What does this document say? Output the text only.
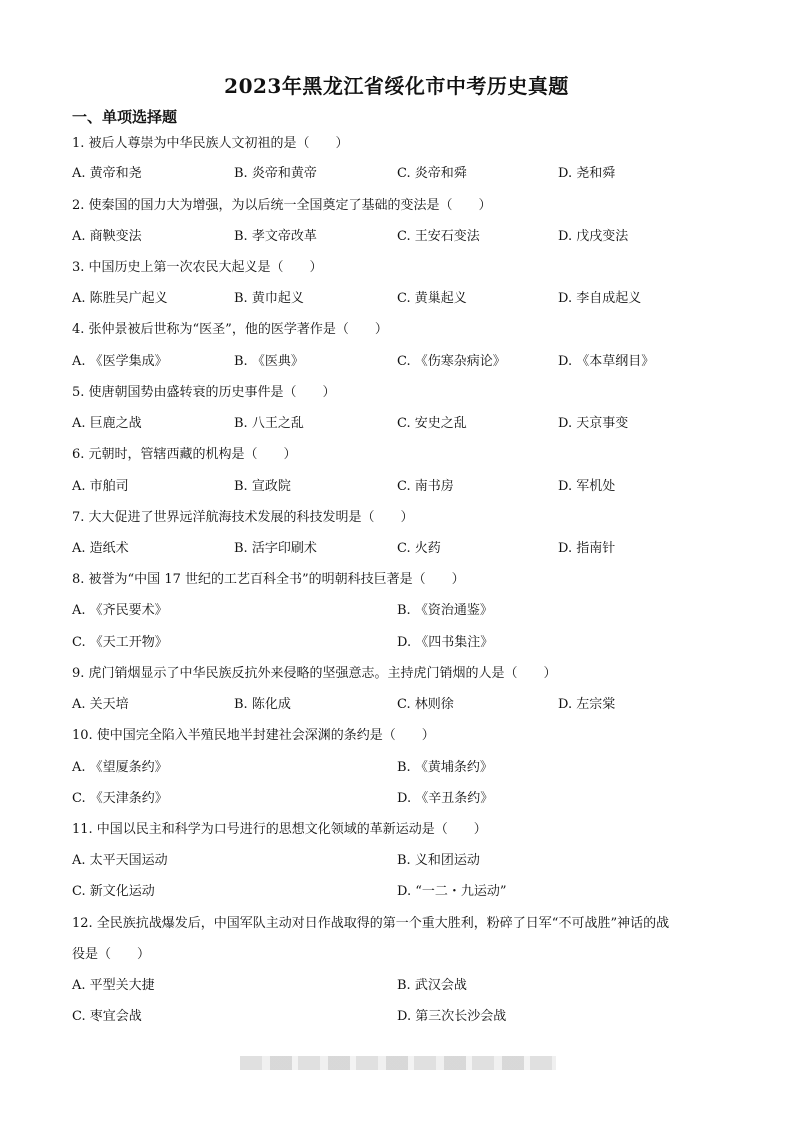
2023年黑龙江省绥化市中考历史真题
一、单项选择题
1. 被后人尊崇为中华民族人文初祖的是（　　）
A. 黄帝和尧	B. 炎帝和黄帝	C. 炎帝和舜	D. 尧和舜
2. 使秦国的国力大为增强，为以后统一全国奠定了基础的变法是（　　）
A. 商鞅变法	B. 孝文帝改革	C. 王安石变法	D. 戊戌变法
3. 中国历史上第一次农民大起义是（　　）
A. 陈胜吴广起义	B. 黄巾起义	C. 黄巢起义	D. 李自成起义
4. 张仲景被后世称为“医圣”，他的医学著作是（　　）
A. 《医学集成》	B. 《医典》	C. 《伤寒杂病论》	D. 《本草纲目》
5. 使唐朝国势由盛转衰的历史事件是（　　）
A. 巨鹿之战	B. 八王之乱	C. 安史之乱	D. 天京事变
6. 元朝时，管辖西藏的机构是（　　）
A. 市舶司	B. 宣政院	C. 南书房	D. 军机处
7. 大大促进了世界远洋航海技术发展的科技发明是（　　）
A. 造纸术	B. 活字印刷术	C. 火药	D. 指南针
8. 被誉为“中国 17 世纪的工艺百科全书”的明朝科技巨著是（　　）
A. 《齐民要术》	B. 《资治通鉴》
C. 《天工开物》	D. 《四书集注》
9. 虎门销烟显示了中华民族反抗外来侵略的坚强意志。主持虎门销烟的人是（　　）
A. 关天培	B. 陈化成	C. 林则徐	D. 左宗棠
10. 使中国完全陷入半殖民地半封建社会深渊的条约是（　　）
A. 《望厦条约》	B. 《黄埔条约》
C. 《天津条约》	D. 《辛丑条约》
11. 中国以民主和科学为口号进行的思想文化领域的革新运动是（　　）
A. 太平天国运动	B. 义和团运动
C. 新文化运动	D. “一二・九运动”
12. 全民族抗战爆发后，中国军队主动对日作战取得的第一个重大胜利，粉碎了日军“不可战胜”神话的战
役是（　　）
A. 平型关大捷	B. 武汉会战
C. 枣宜会战	D. 第三次长沙会战
